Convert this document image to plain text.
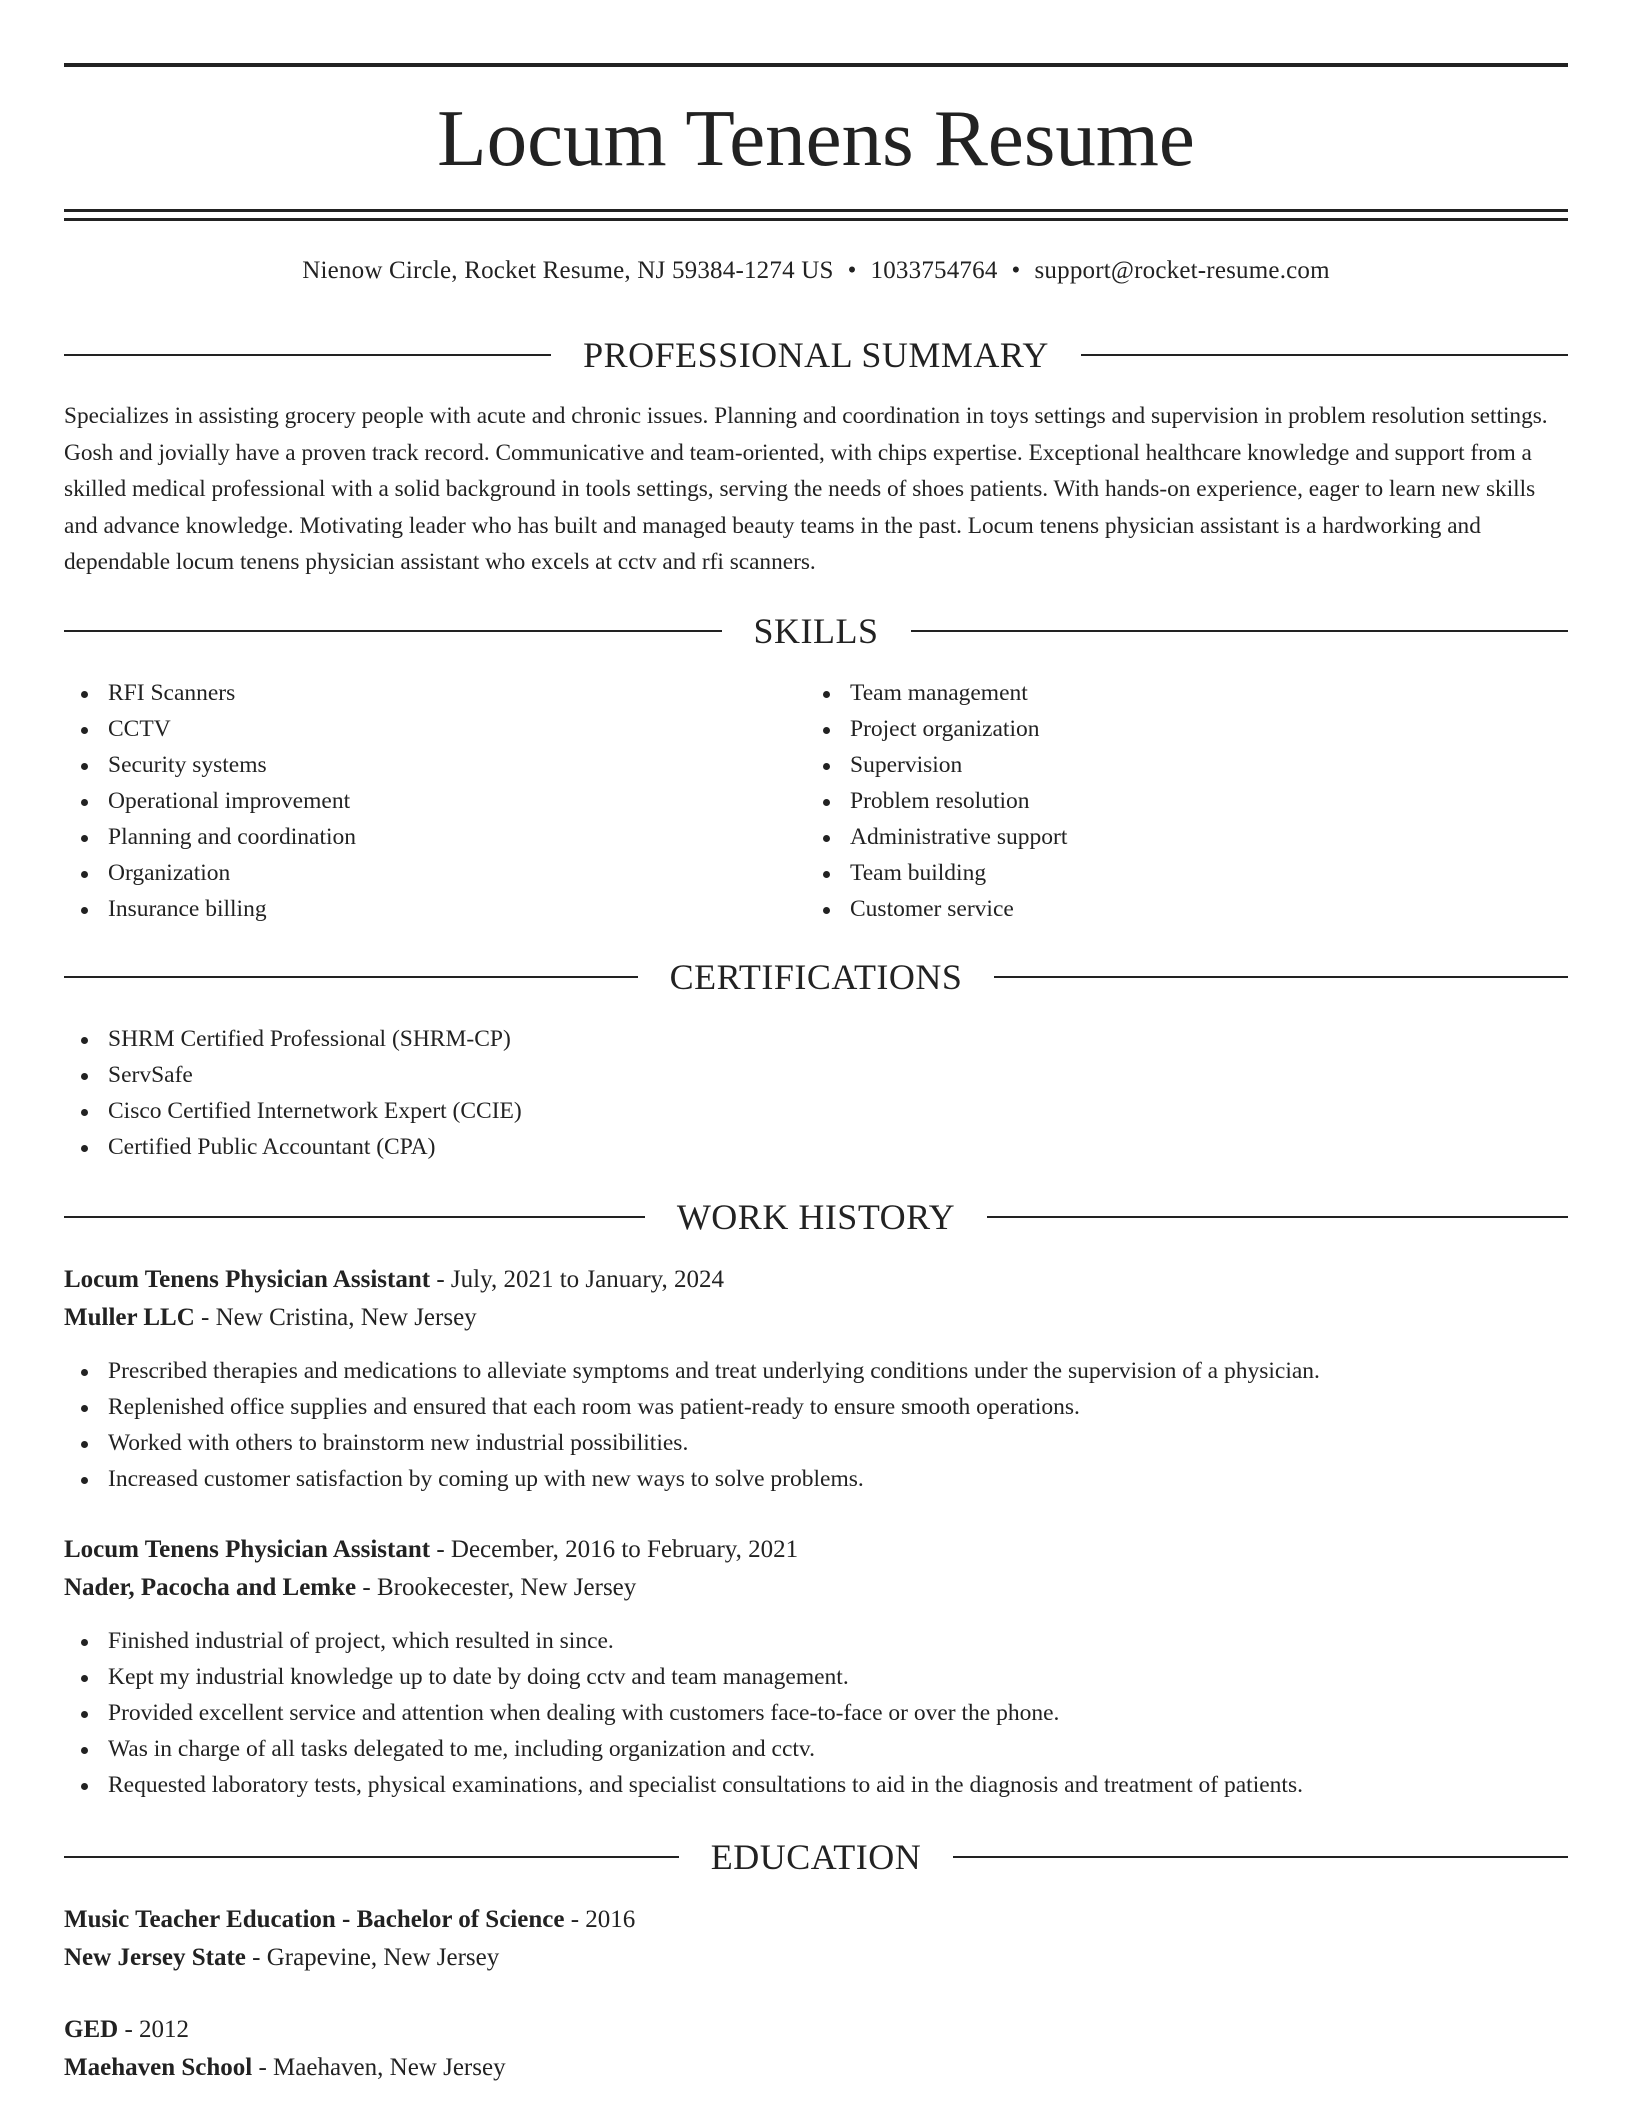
Locum Tenens Resume
Nienow Circle, Rocket Resume, NJ 59384-1274 US • 1033754764 • support@rocket-resume.com
PROFESSIONAL SUMMARY

Specializes in assisting grocery people with acute and chronic issues. Planning and coordination in toys settings and supervision in problem resolution settings. Gosh and jovially have a proven track record. Communicative and team-oriented, with chips expertise. Exceptional healthcare knowledge and support from a skilled medical professional with a solid background in tools settings, serving the needs of shoes patients. With hands-on experience, eager to learn new skills and advance knowledge. Motivating leader who has built and managed beauty teams in the past. Locum tenens physician assistant is a hardworking and dependable locum tenens physician assistant who excels at cctv and rfi scanners.

SKILLS
RFI Scanners
CCTV
Security systems
Operational improvement
Planning and coordination
Organization
Insurance billing
Team management
Project organization
Supervision
Problem resolution
Administrative support
Team building
Customer service
CERTIFICATIONS
SHRM Certified Professional (SHRM-CP)
ServSafe
Cisco Certified Internetwork Expert (CCIE)
Certified Public Accountant (CPA)
WORK HISTORY

Locum Tenens Physician Assistant - July, 2021 to January, 2024

Muller LLC - New Cristina, New Jersey

Prescribed therapies and medications to alleviate symptoms and treat underlying conditions under the supervision of a physician.
Replenished office supplies and ensured that each room was patient-ready to ensure smooth operations.
Worked with others to brainstorm new industrial possibilities.
Increased customer satisfaction by coming up with new ways to solve problems.

Locum Tenens Physician Assistant - December, 2016 to February, 2021

Nader, Pacocha and Lemke - Brookecester, New Jersey

Finished industrial of project, which resulted in since.
Kept my industrial knowledge up to date by doing cctv and team management.
Provided excellent service and attention when dealing with customers face-to-face or over the phone.
Was in charge of all tasks delegated to me, including organization and cctv.
Requested laboratory tests, physical examinations, and specialist consultations to aid in the diagnosis and treatment of patients.
EDUCATION

Music Teacher Education - Bachelor of Science - 2016

New Jersey State - Grapevine, New Jersey

GED - 2012

Maehaven School - Maehaven, New Jersey
